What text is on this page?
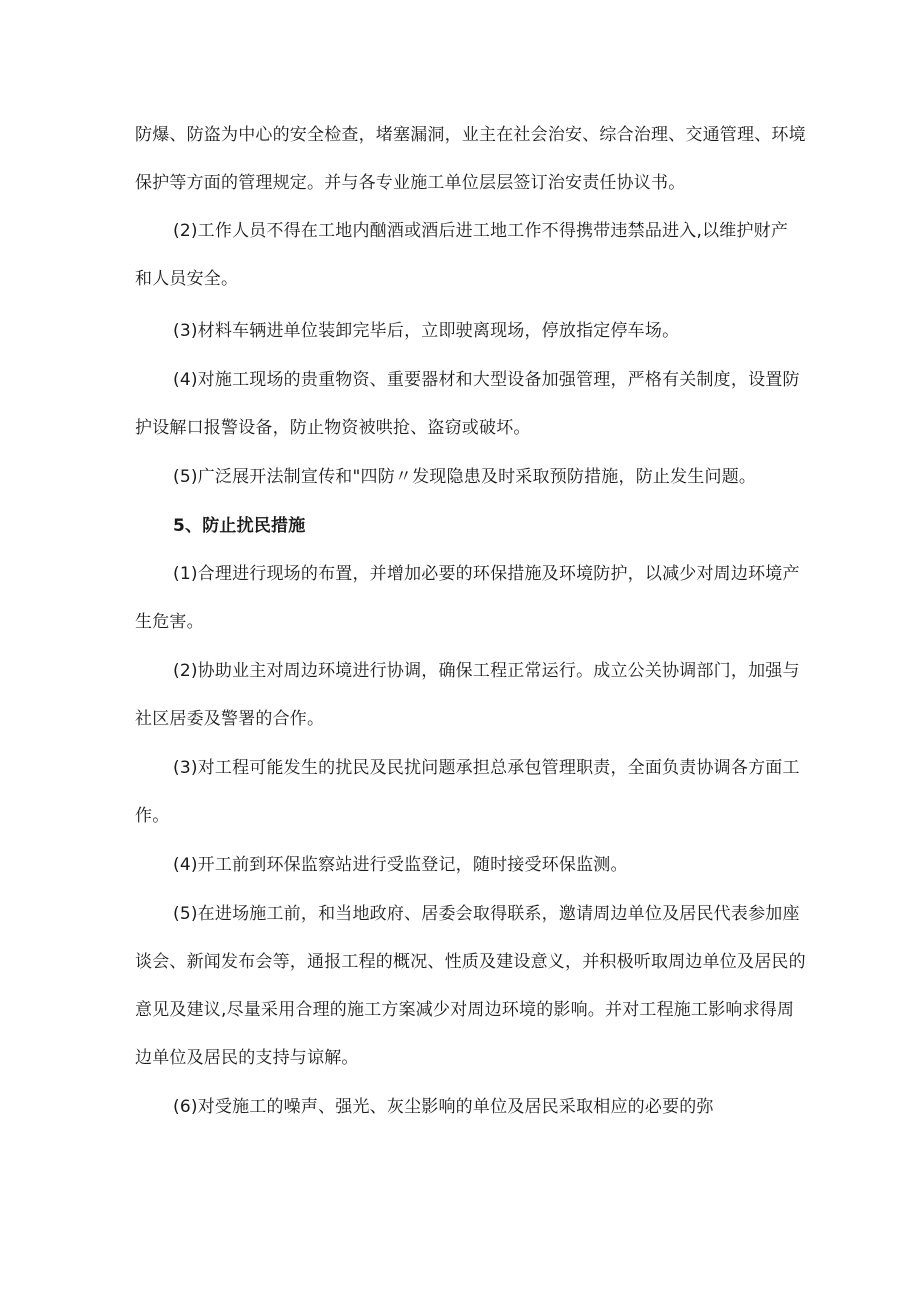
防爆、防盗为中心的安全检查，堵塞漏洞，业主在社会治安、综合治理、交通管理、环境
保护等方面的管理规定。并与各专业施工单位层层签订治安责任协议书。
(2)工作人员不得在工地内酗酒或酒后进工地工作不得携带违禁品进入,以维护财产
和人员安全。
(3)材料车辆进单位装卸完毕后，立即驶离现场，停放指定停车场。
(4)对施工现场的贵重物资、重要器材和大型设备加强管理，严格有关制度，设置防
护设解口报警设备，防止物资被哄抢、盗窃或破坏。
(5)广泛展开法制宣传和"四防〃发现隐患及时采取预防措施，防止发生问题。
5、防止扰民措施
(1)合理进行现场的布置，并增加必要的环保措施及环境防护，以减少对周边环境产
生危害。
(2)协助业主对周边环境进行协调，确保工程正常运行。成立公关协调部门，加强与
社区居委及警署的合作。
(3)对工程可能发生的扰民及民扰问题承担总承包管理职责，全面负责协调各方面工
作。
(4)开工前到环保监察站进行受监登记，随时接受环保监测。
(5)在进场施工前，和当地政府、居委会取得联系，邀请周边单位及居民代表参加座
谈会、新闻发布会等，通报工程的概况、性质及建设意义，并积极听取周边单位及居民的
意见及建议,尽量采用合理的施工方案减少对周边环境的影响。并对工程施工影响求得周
边单位及居民的支持与谅解。
(6)对受施工的噪声、强光、灰尘影响的单位及居民采取相应的必要的弥
